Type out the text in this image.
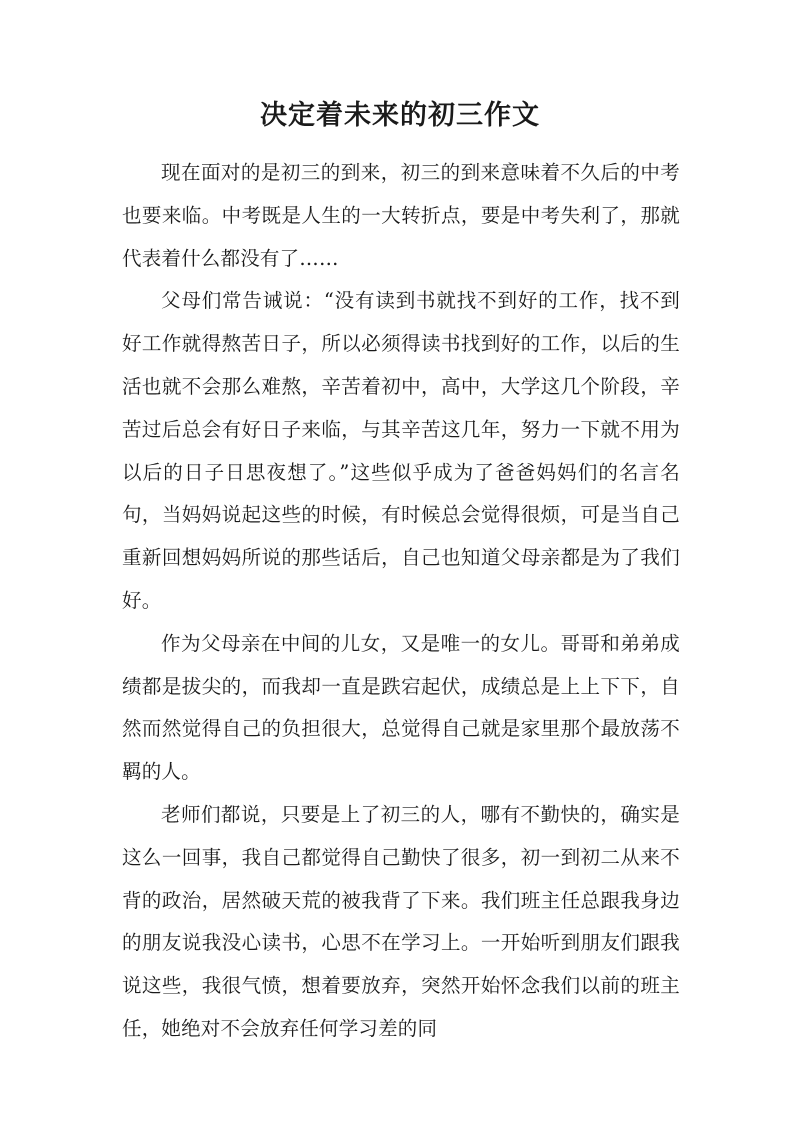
决定着未来的初三作文

现在面对的是初三的到来，初三的到来意味着不久后的中考也要来临。中考既是人生的一大转折点，要是中考失利了，那就代表着什么都没有了……

父母们常告诫说：“没有读到书就找不到好的工作，找不到好工作就得熬苦日子，所以必须得读书找到好的工作，以后的生活也就不会那么难熬，辛苦着初中，高中，大学这几个阶段，辛苦过后总会有好日子来临，与其辛苦这几年，努力一下就不用为以后的日子日思夜想了。”这些似乎成为了爸爸妈妈们的名言名句，当妈妈说起这些的时候，有时候总会觉得很烦，可是当自己重新回想妈妈所说的那些话后，自己也知道父母亲都是为了我们好。

作为父母亲在中间的儿女，又是唯一的女儿。哥哥和弟弟成绩都是拔尖的，而我却一直是跌宕起伏，成绩总是上上下下，自然而然觉得自己的负担很大，总觉得自己就是家里那个最放荡不羁的人。

老师们都说，只要是上了初三的人，哪有不勤快的，确实是这么一回事，我自己都觉得自己勤快了很多，初一到初二从来不背的政治，居然破天荒的被我背了下来。我们班主任总跟我身边的朋友说我没心读书，心思不在学习上。一开始听到朋友们跟我说这些，我很气愤，想着要放弃，突然开始怀念我们以前的班主任，她绝对不会放弃任何学习差的同
